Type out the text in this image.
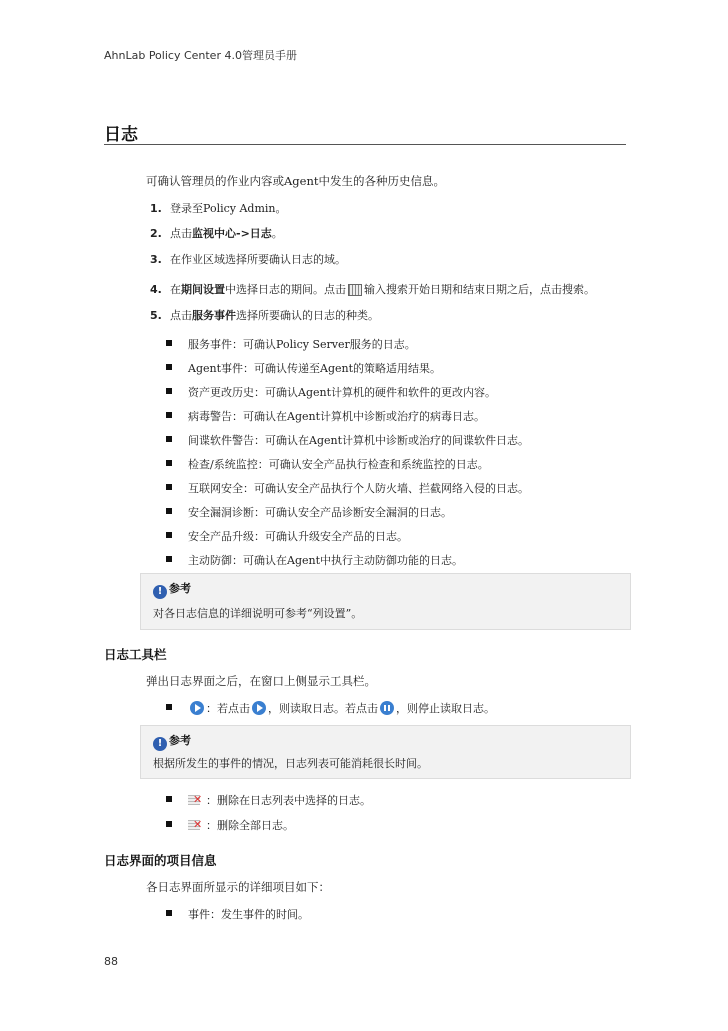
AhnLab Policy Center 4.0管理员手册
日志
可确认管理员的作业内容或Agent中发生的各种历史信息。
1. 登录至Policy Admin。
2. 点击监视中心->日志。
3. 在作业区域选择所要确认日志的域。
4. 在期间设置中选择日志的期间。点击 输入搜索开始日期和结束日期之后，点击搜索。
5. 点击服务事件选择所要确认的日志的种类。
服务事件：可确认Policy Server服务的日志。
Agent事件：可确认传递至Agent的策略适用结果。
资产更改历史：可确认Agent计算机的硬件和软件的更改内容。
病毒警告：可确认在Agent计算机中诊断或治疗的病毒日志。
间谍软件警告：可确认在Agent计算机中诊断或治疗的间谍软件日志。
检查/系统监控：可确认安全产品执行检查和系统监控的日志。
互联网安全：可确认安全产品执行个人防火墙、拦截网络入侵的日志。
安全漏洞诊断：可确认安全产品诊断安全漏洞的日志。
安全产品升级：可确认升级安全产品的日志。
主动防御：可确认在Agent中执行主动防御功能的日志。
! 参考
对各日志信息的详细说明可参考“列设置”。
日志工具栏
弹出日志界面之后，在窗口上侧显示工具栏。
：若点击 ，则读取日志。若点击 ，则停止读取日志。
! 参考
根据所发生的事件的情况，日志列表可能消耗很长时间。
✕：删除在日志列表中选择的日志。
✕：删除全部日志。
日志界面的项目信息
各日志界面所显示的详细项目如下：
事件：发生事件的时间。
88
